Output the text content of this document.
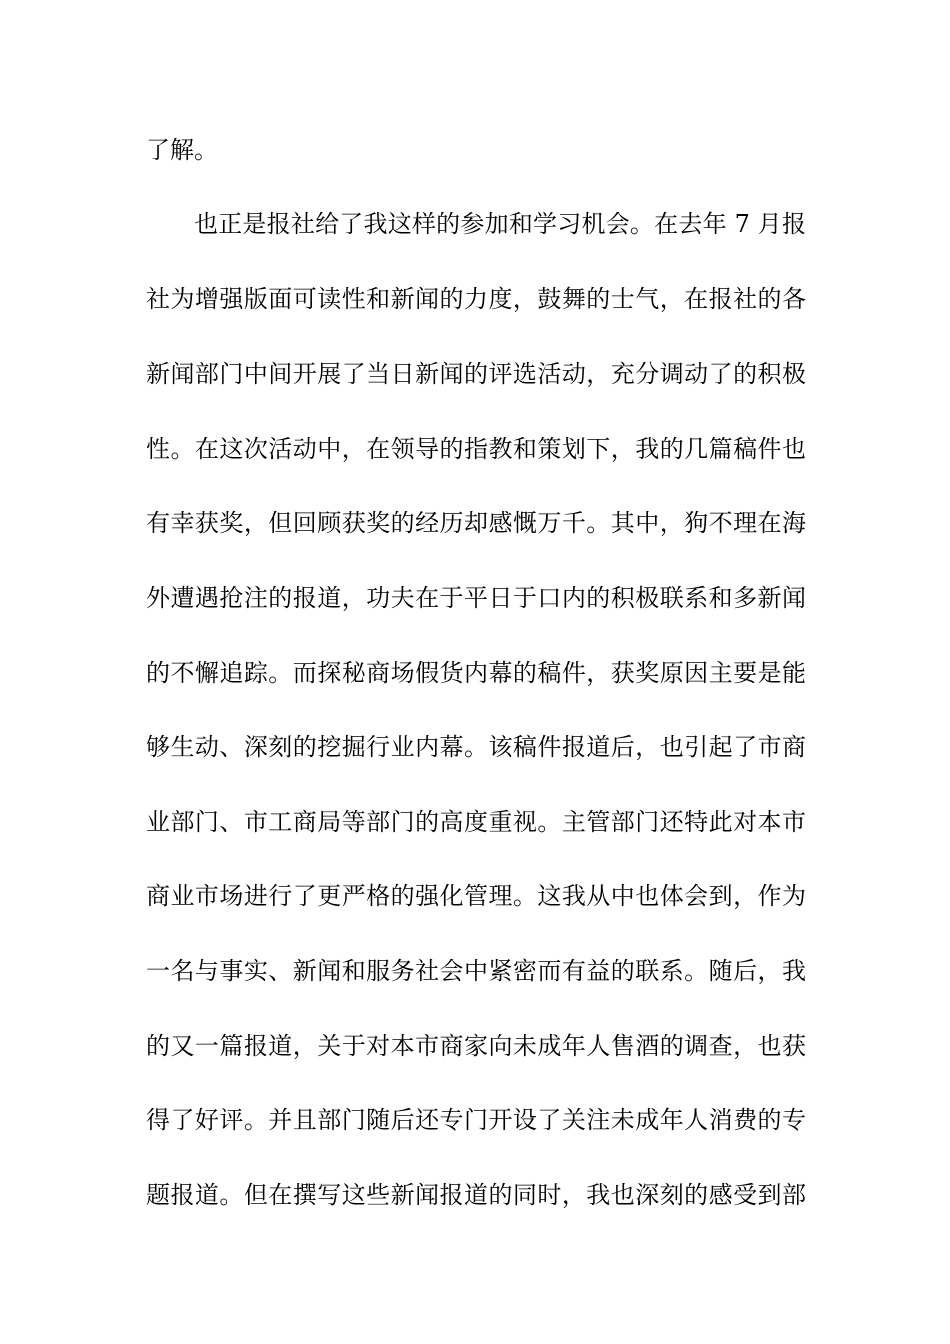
了解。
也正是报社给了我这样的参加和学习机会。在去年 7 月报
社为增强版面可读性和新闻的力度，鼓舞的士气，在报社的各
新闻部门中间开展了当日新闻的评选活动，充分调动了的积极
性。在这次活动中，在领导的指教和策划下，我的几篇稿件也
有幸获奖，但回顾获奖的经历却感慨万千。其中，狗不理在海
外遭遇抢注的报道，功夫在于平日于口内的积极联系和多新闻
的不懈追踪。而探秘商场假货内幕的稿件，获奖原因主要是能
够生动、深刻的挖掘行业内幕。该稿件报道后，也引起了市商
业部门、市工商局等部门的高度重视。主管部门还特此对本市
商业市场进行了更严格的强化管理。这我从中也体会到，作为
一名与事实、新闻和服务社会中紧密而有益的联系。随后，我
的又一篇报道，关于对本市商家向未成年人售酒的调查，也获
得了好评。并且部门随后还专门开设了关注未成年人消费的专
题报道。但在撰写这些新闻报道的同时，我也深刻的感受到部
